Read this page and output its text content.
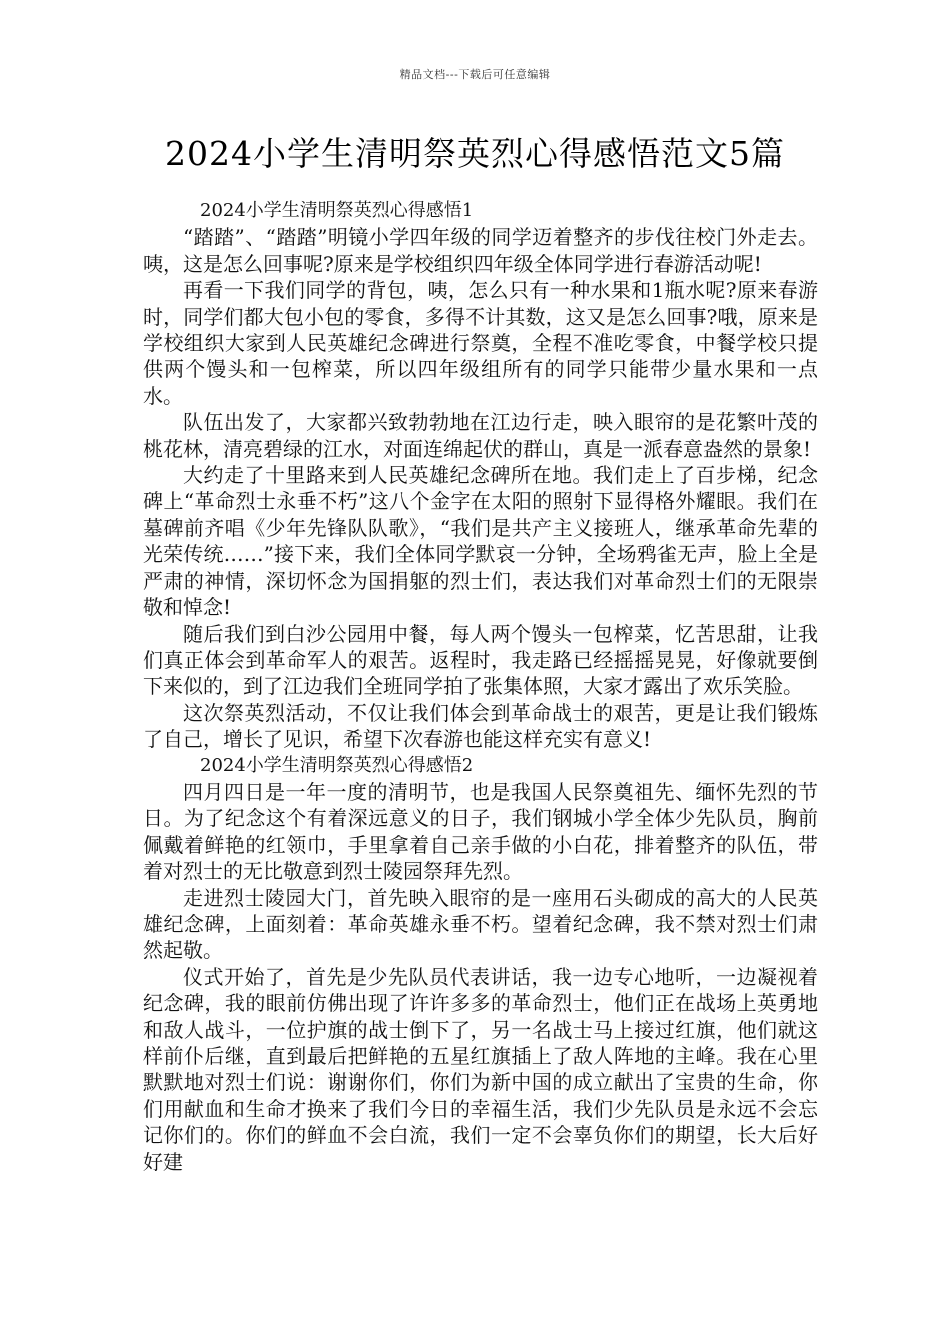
精品文档---下载后可任意编辑
2024小学生清明祭英烈心得感悟范文5篇

2024小学生清明祭英烈心得感悟1

“踏踏”、“踏踏”明镜小学四年级的同学迈着整齐的步伐往校门外走去。咦，这是怎么回事呢?原来是学校组织四年级全体同学进行春游活动呢!

再看一下我们同学的背包，咦，怎么只有一种水果和1瓶水呢?原来春游时，同学们都大包小包的零食，多得不计其数，这又是怎么回事?哦，原来是学校组织大家到人民英雄纪念碑进行祭奠，全程不准吃零食，中餐学校只提供两个馒头和一包榨菜，所以四年级组所有的同学只能带少量水果和一点水。

队伍出发了，大家都兴致勃勃地在江边行走，映入眼帘的是花繁叶茂的桃花林，清亮碧绿的江水，对面连绵起伏的群山，真是一派春意盎然的景象!

大约走了十里路来到人民英雄纪念碑所在地。我们走上了百步梯，纪念碑上“革命烈士永垂不朽”这八个金字在太阳的照射下显得格外耀眼。我们在墓碑前齐唱《少年先锋队队歌》，“我们是共产主义接班人，继承革命先辈的光荣传统……”接下来，我们全体同学默哀一分钟，全场鸦雀无声，脸上全是严肃的神情，深切怀念为国捐躯的烈士们，表达我们对革命烈士们的无限崇敬和悼念!

随后我们到白沙公园用中餐，每人两个馒头一包榨菜，忆苦思甜，让我们真正体会到革命军人的艰苦。返程时，我走路已经摇摇晃晃，好像就要倒下来似的，到了江边我们全班同学拍了张集体照，大家才露出了欢乐笑脸。

这次祭英烈活动，不仅让我们体会到革命战士的艰苦，更是让我们锻炼了自己，增长了见识，希望下次春游也能这样充实有意义!

2024小学生清明祭英烈心得感悟2

四月四日是一年一度的清明节，也是我国人民祭奠祖先、缅怀先烈的节日。为了纪念这个有着深远意义的日子，我们钢城小学全体少先队员，胸前佩戴着鲜艳的红领巾，手里拿着自己亲手做的小白花，排着整齐的队伍，带着对烈士的无比敬意到烈士陵园祭拜先烈。

走进烈士陵园大门，首先映入眼帘的是一座用石头砌成的高大的人民英雄纪念碑，上面刻着：革命英雄永垂不朽。望着纪念碑，我不禁对烈士们肃然起敬。

仪式开始了，首先是少先队员代表讲话，我一边专心地听，一边凝视着纪念碑，我的眼前仿佛出现了许许多多的革命烈士，他们正在战场上英勇地和敌人战斗，一位护旗的战士倒下了，另一名战士马上接过红旗，他们就这样前仆后继，直到最后把鲜艳的五星红旗插上了敌人阵地的主峰。我在心里默默地对烈士们说：谢谢你们，你们为新中国的成立献出了宝贵的生命，你们用献血和生命才换来了我们今日的幸福生活，我们少先队员是永远不会忘记你们的。你们的鲜血不会白流，我们一定不会辜负你们的期望，长大后好好建
